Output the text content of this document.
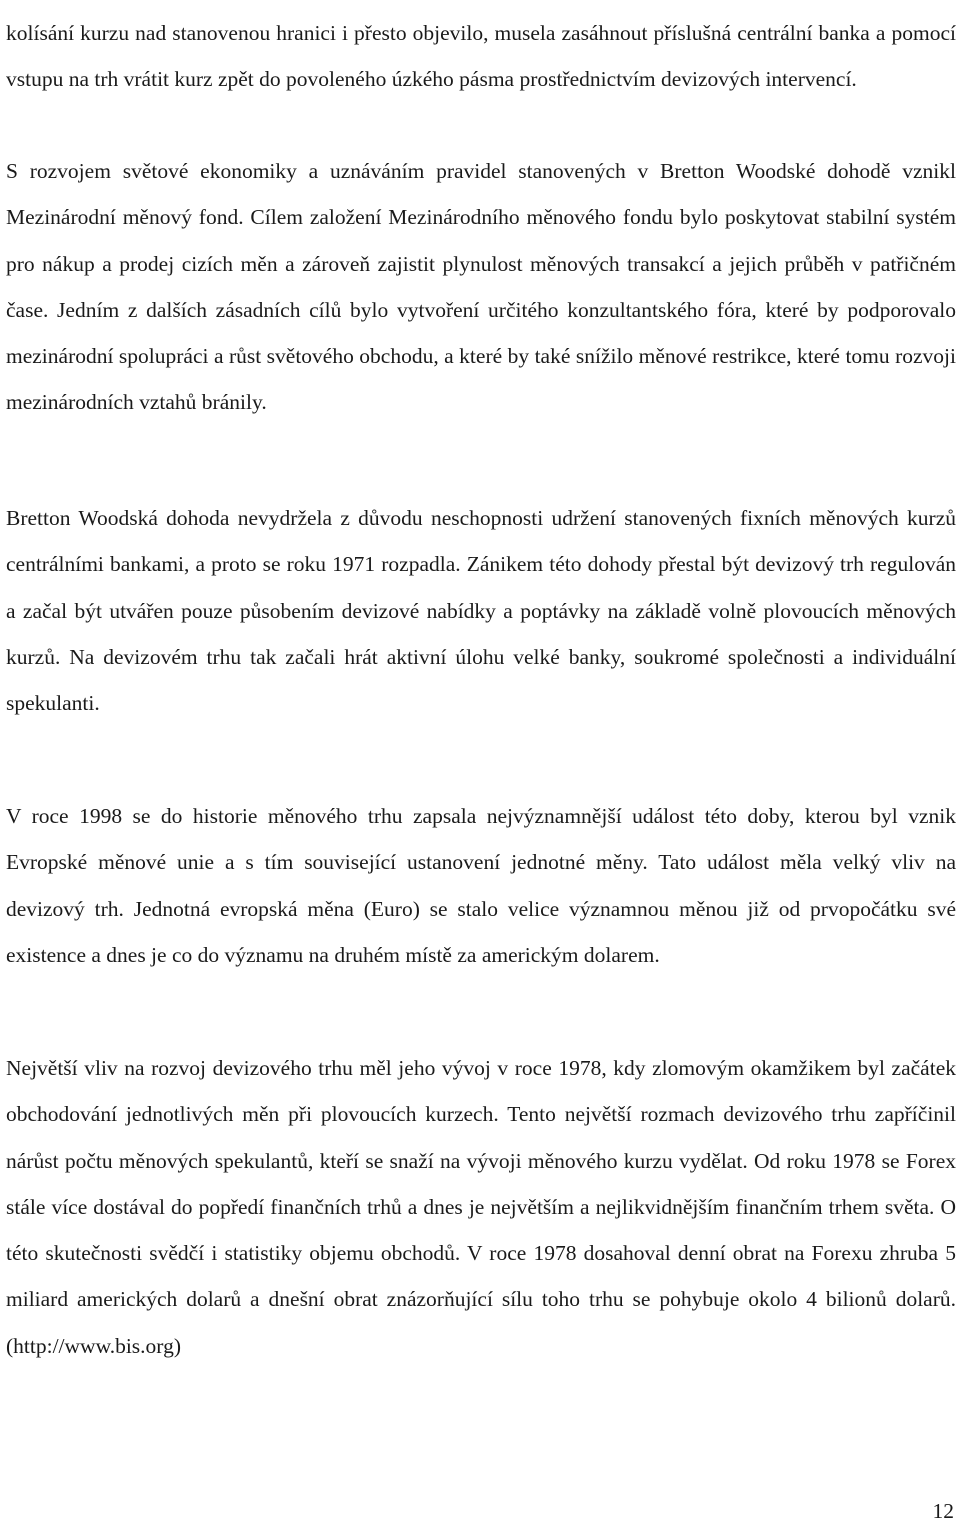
kolísání kurzu nad stanovenou hranici i přesto objevilo, musela zasáhnout příslušná centrální banka a pomocí vstupu na trh vrátit kurz zpět do povoleného úzkého pásma prostřednictvím devizových intervencí.

S rozvojem světové ekonomiky a uznáváním pravidel stanovených v Bretton Woodské dohodě vznikl Mezinárodní měnový fond. Cílem založení Mezinárodního měnového fondu bylo poskytovat stabilní systém pro nákup a prodej cizích měn a zároveň zajistit plynulost měnových transakcí a jejich průběh v patřičném čase. Jedním z dalších zásadních cílů bylo vytvoření určitého konzultantského fóra, které by podporovalo mezinárodní spolupráci a růst světového obchodu, a které by také snížilo měnové restrikce, které tomu rozvoji mezinárodních vztahů bránily.

Bretton Woodská dohoda nevydržela z důvodu neschopnosti udržení stanovených fixních měnových kurzů centrálními bankami, a proto se roku 1971 rozpadla. Zánikem této dohody přestal být devizový trh regulován a začal být utvářen pouze působením devizové nabídky a poptávky na základě volně plovoucích měnových kurzů. Na devizovém trhu tak začali hrát aktivní úlohu velké banky, soukromé společnosti a individuální spekulanti.

V roce 1998 se do historie měnového trhu zapsala nejvýznamnější událost této doby, kterou byl vznik Evropské měnové unie a s tím související ustanovení jednotné měny. Tato událost měla velký vliv na devizový trh. Jednotná evropská měna (Euro) se stalo velice významnou měnou již od prvopočátku své existence a dnes je co do významu na druhém místě za americkým dolarem.

Největší vliv na rozvoj devizového trhu měl jeho vývoj v roce 1978, kdy zlomovým okamžikem byl začátek obchodování jednotlivých měn při plovoucích kurzech. Tento největší rozmach devizového trhu zapříčinil nárůst počtu měnových spekulantů, kteří se snaží na vývoji měnového kurzu vydělat. Od roku 1978 se Forex stále více dostával do popředí finančních trhů a dnes je největším a nejlikvidnějším finančním trhem světa. O této skutečnosti svědčí i statistiky objemu obchodů. V roce 1978 dosahoval denní obrat na Forexu zhruba 5 miliard amerických dolarů a dnešní obrat znázorňující sílu toho trhu se pohybuje okolo 4 bilionů dolarů. (http://www.bis.org)

12
